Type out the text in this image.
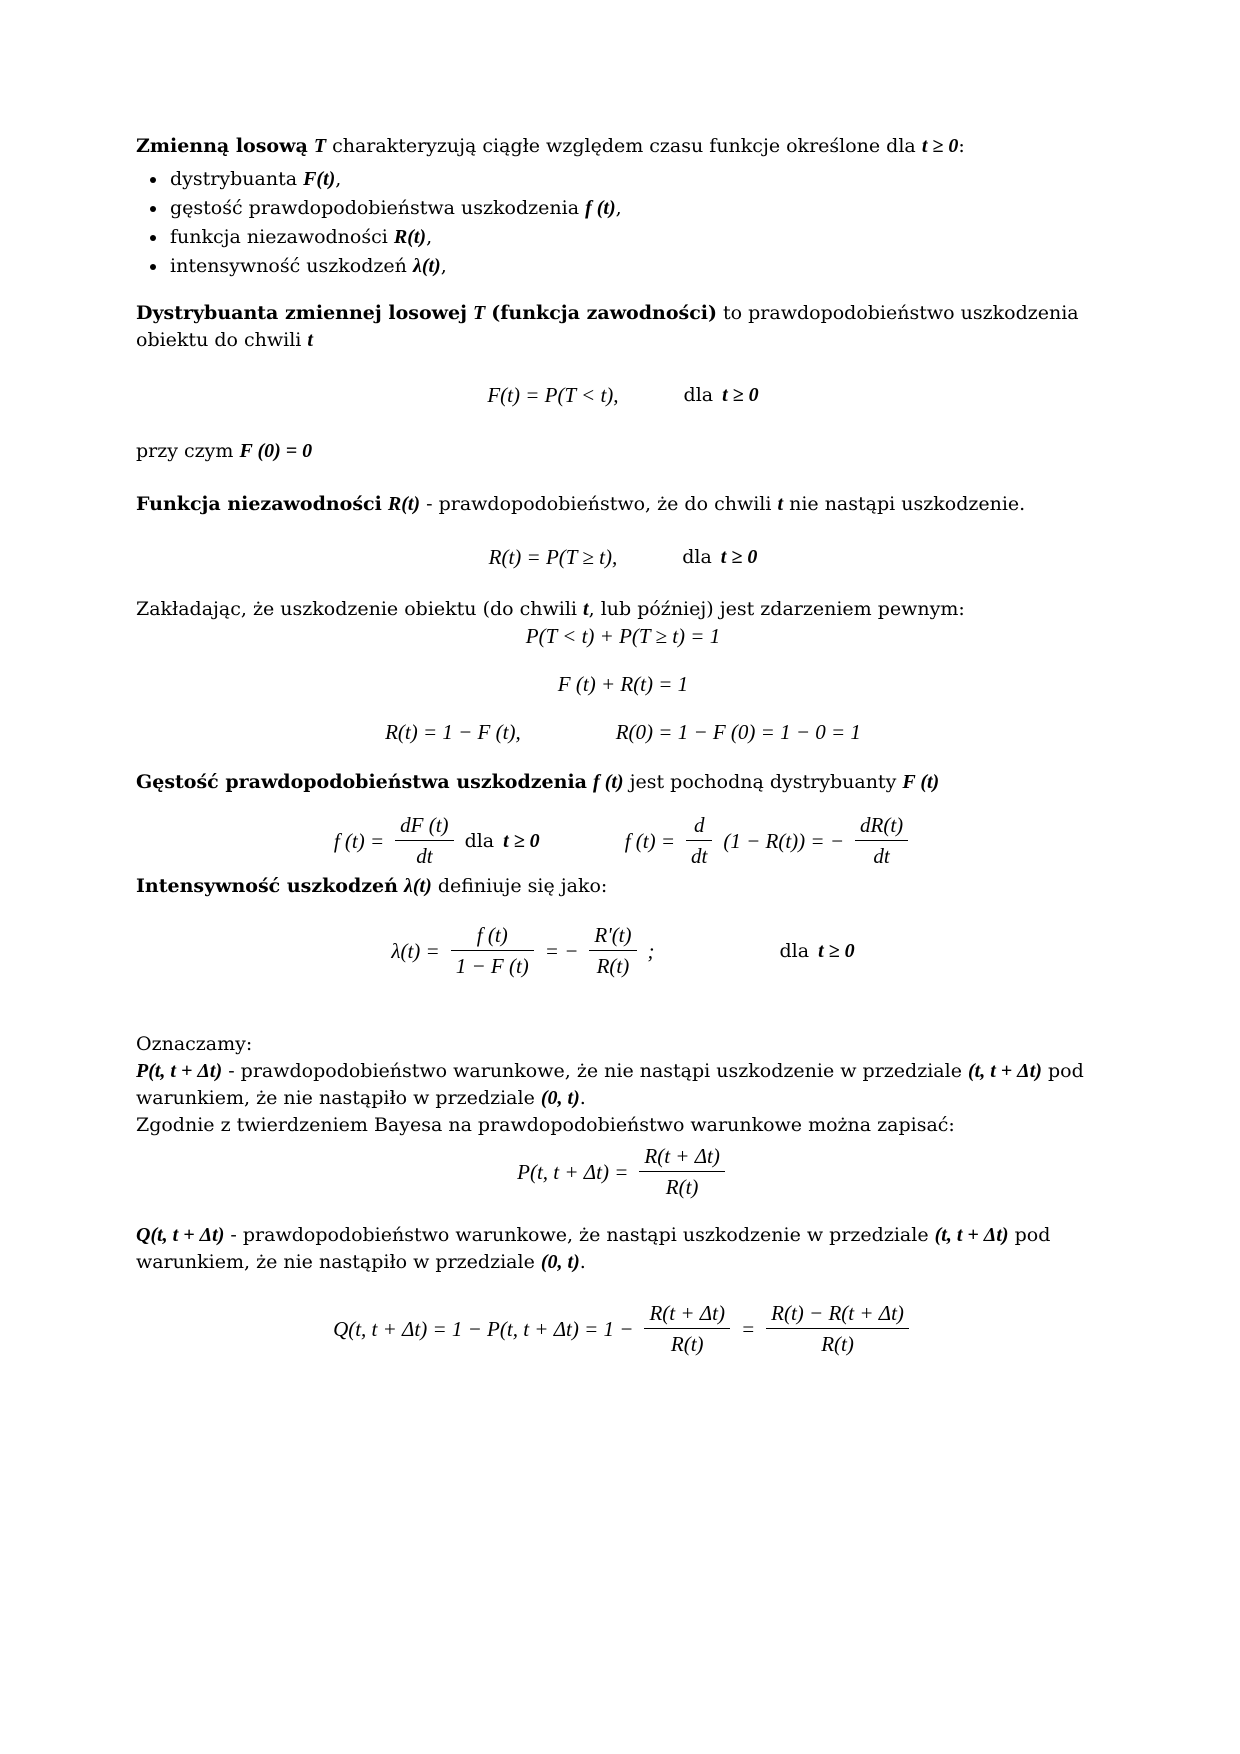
Zmienną losową T charakteryzują ciągłe względem czasu funkcje określone dla t ≥ 0:

• dystrybuanta F(t),
• gęstość prawdopodobieństwa uszkodzenia f (t),
• funkcja niezawodności R(t),
• intensywność uszkodzeń λ(t),

Dystrybuanta zmiennej losowej T (funkcja zawodności) to prawdopodobieństwo uszkodzenia obiektu do chwili t

F(t) = P(T < t),	dla t ≥ 0

przy czym F (0) = 0

Funkcja niezawodności R(t) - prawdopodobieństwo, że do chwili t nie nastąpi uszkodzenie.

R(t) = P(T ≥ t),	dla t ≥ 0

Zakładając, że uszkodzenie obiektu (do chwili t, lub później) jest zdarzeniem pewnym:

P(T < t) + P(T ≥ t) = 1
F (t) + R(t) = 1
R(t) = 1 − F (t),	R(0) = 1 − F (0) = 1 − 0 = 1

Gęstość prawdopodobieństwa uszkodzenia f (t) jest pochodną dystrybuanty F (t)

f $(t) = \frac{dF (t)}{dt}$ dla t ≥ 0	f $(t) = \frac{d}{dt} (1 - R(t))$ = − $\frac{dR(t)}{dt}$

Intensywność uszkodzeń λ(t) definiuje się jako:

$\lambda(t) = \frac{f (t)}{1 - F (t)}$ = − $\frac{R'(t)}{R(t)}$ ;	dla t ≥ 0

Oznaczamy:

P(t, t + Δt) - prawdopodobieństwo warunkowe, że nie nastąpi uszkodzenie w przedziale (t, t + Δt) pod warunkiem, że nie nastąpiło w przedziale (0, t).

Zgodnie z twierdzeniem Bayesa na prawdopodobieństwo warunkowe można zapisać:

P(t, $t + \Delta t) = \frac{R(t + \Delta t)}{R(t)}$

Q(t, t + Δt) - prawdopodobieństwo warunkowe, że nastąpi uszkodzenie w przedziale (t, t + Δt) pod warunkiem, że nie nastąpiło w przedziale (0, t).

Q(t, t + Δt) = 1 − P(t, $t + \Delta t) = 1 - \frac{R(t + \Delta t)}{R(t)} = \frac{R(t) - R(t + \Delta t)}{R(t)}$
